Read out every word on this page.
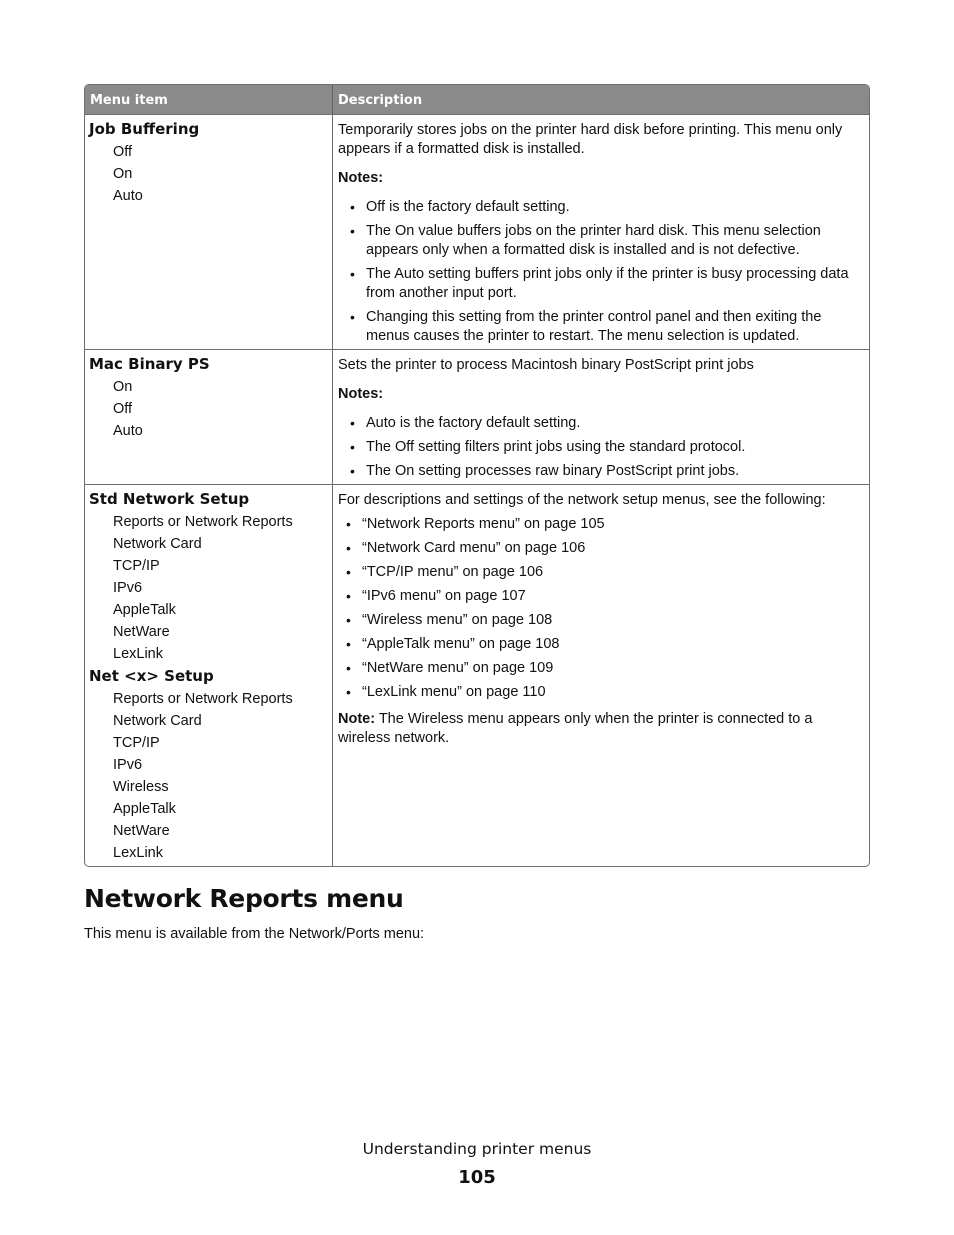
Menu item	Description
Job Buffering
Off
On
Auto

Temporarily stores jobs on the printer hard disk before printing. This menu only appears if a formatted disk is installed.

Notes:

• Off is the factory default setting.
• The On value buffers jobs on the printer hard disk. This menu selection appears only when a formatted disk is installed and is not defective.
• The Auto setting buffers print jobs only if the printer is busy processing data from another input port.
• Changing this setting from the printer control panel and then exiting the menus causes the printer to restart. The menu selection is updated.
Mac Binary PS
On
Off
Auto

Sets the printer to process Macintosh binary PostScript print jobs

Notes:

• Auto is the factory default setting.
• The Off setting filters print jobs using the standard protocol.
• The On setting processes raw binary PostScript print jobs.
Std Network Setup
Reports or Network Reports
Network Card
TCP/IP
IPv6
AppleTalk
NetWare
LexLink
Net <x> Setup
Reports or Network Reports
Network Card
TCP/IP
IPv6
Wireless
AppleTalk
NetWare
LexLink

For descriptions and settings of the network setup menus, see the following:

• “Network Reports menu” on page 105
• “Network Card menu” on page 106
• “TCP/IP menu” on page 106
• “IPv6 menu” on page 107
• “Wireless menu” on page 108
• “AppleTalk menu” on page 108
• “NetWare menu” on page 109
• “LexLink menu” on page 110
Note: The Wireless menu appears only when the printer is connected to a wireless network.
Network Reports menu

This menu is available from the Network/Ports menu:

Understanding printer menus
105
